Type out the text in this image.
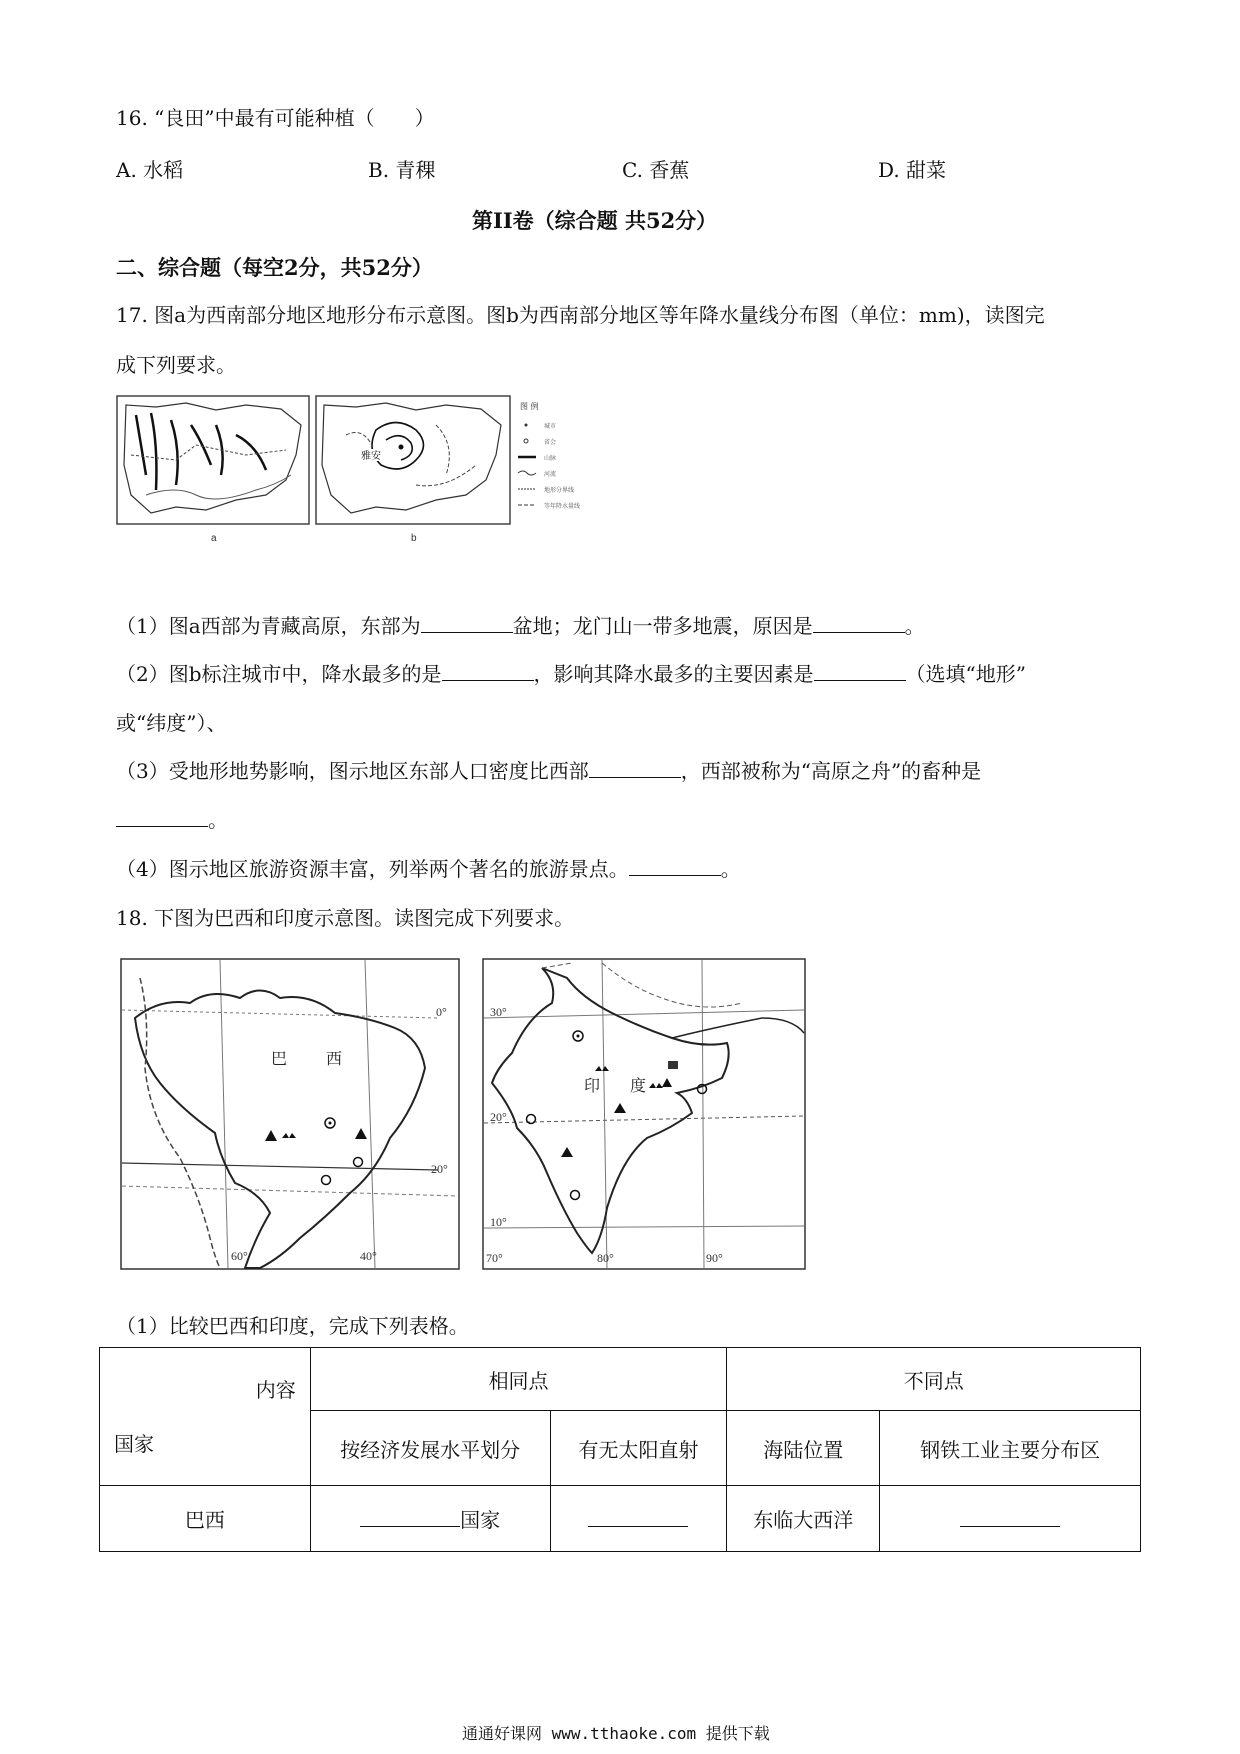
16. “良田”中最有可能种植（　　）
A. 水稻	B. 青稞	C. 香蕉	D. 甜菜
第II卷（综合题 共52分）
二、综合题（每空2分，共52分）
17. 图a为西南部分地区地形分布示意图。图b为西南部分地区等年降水量线分布图（单位：mm)，读图完
成下列要求。
a
雅安
b
图 例
城市
省会
山脉
河流
地形分界线
等年降水量线
（1）图a西部为青藏高原，东部为	盆地；龙门山一带多地震，原因是	。
（2）图b标注城市中，降水最多的是	，影响其降水最多的主要因素是	（选填“地形”
或“纬度”）、
（3）受地形地势影响，图示地区东部人口密度比西部	，西部被称为“高原之舟”的畜种是
。
（4）图示地区旅游资源丰富，列举两个著名的旅游景点。	。
18. 下图为巴西和印度示意图。读图完成下列要求。
巴 西
0°
20°
60°	40°
印 度
30°
20°
10°
70°	80°	90°
（1）比较巴西和印度，完成下列表格。
内容
国家	相同点		不同点	
	按经济发展水平划分	有无太阳直射	海陆位置	钢铁工业主要分布区
巴西	国家		东临大西洋	
通通好课网 www.tthaoke.com 提供下载
